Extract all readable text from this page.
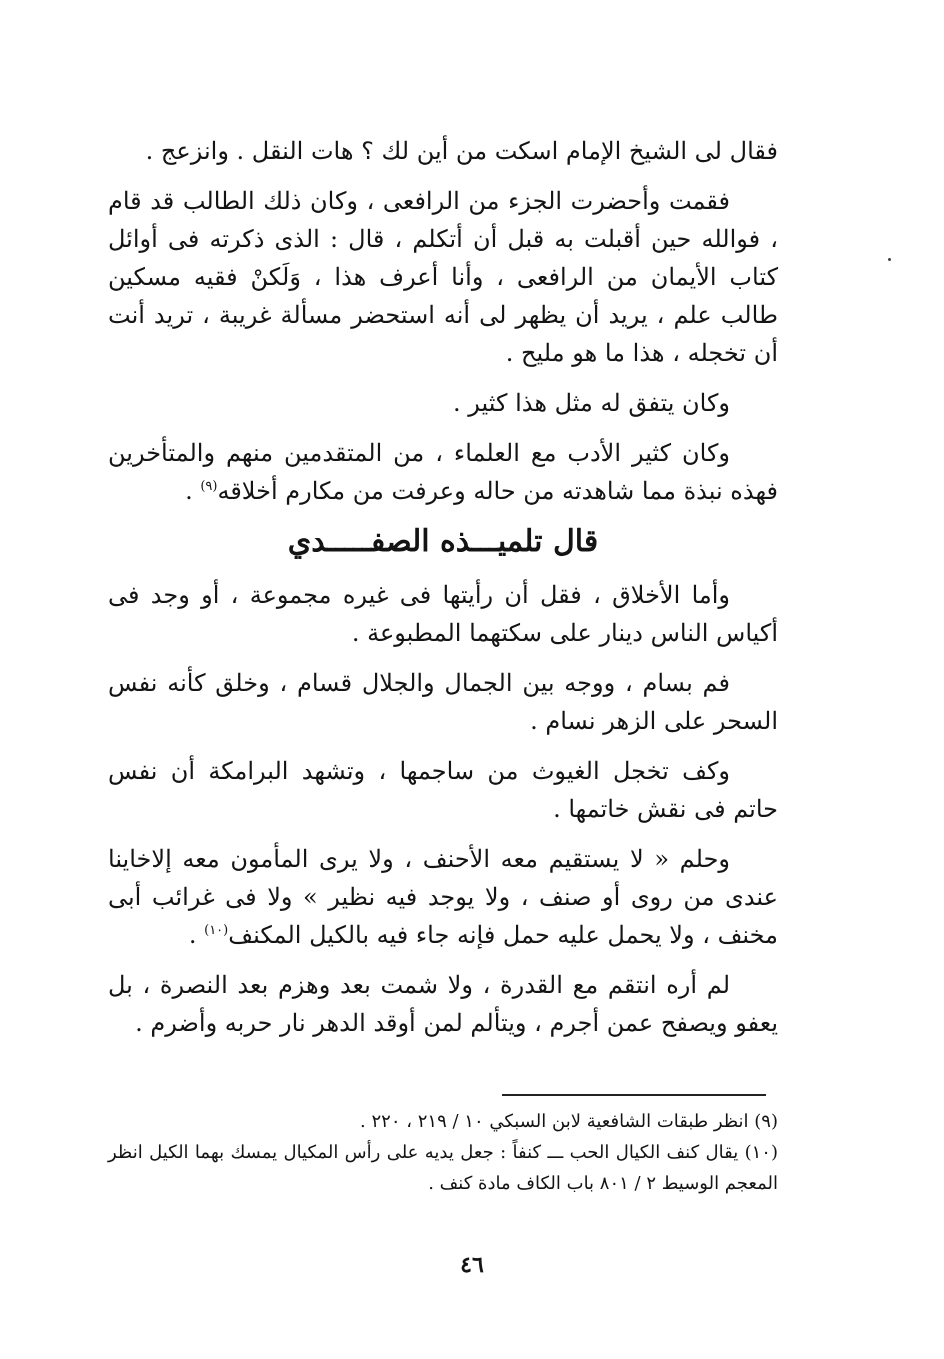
فقال لى الشيخ الإمام اسكت من أين لك ؟ هات النقل . وانزعج .

فقمت وأحضرت الجزء من الرافعى ، وكان ذلك الطالب قد قام ، فوالله حين أقبلت به قبل أن أتكلم ، قال : الذى ذكرته فى أوائل كتاب الأيمان من الرافعى ، وأنا أعرف هذا ، وَلَكنْ فقيه مسكين طالب علم ، يريد أن يظهر لى أنه استحضر مسألة غريبة ، تريد أنت أن تخجله ، هذا ما هو مليح .

وكان يتفق له مثل هذا كثير .

وكان كثير الأدب مع العلماء ، من المتقدمين منهم والمتأخرين فهذه نبذة مما شاهدته من حاله وعرفت من مكارم أخلاقه$^{(٩)}$ .

قال تلميـــذه الصفـــــدي

وأما الأخلاق ، فقل أن رأيتها فى غيره مجموعة ، أو وجد فى أكياس الناس دينار على سكتهما المطبوعة .

فم بسام ، ووجه بين الجمال والجلال قسام ، وخلق كأنه نفس السحر على الزهر نسام .

وكف تخجل الغيوث من ساجمها ، وتشهد البرامكة أن نفس حاتم فى نقش خاتمها .

وحلم « لا يستقيم معه الأحنف ، ولا يرى المأمون معه إلاخاينا عندى من روى أو صنف ، ولا يوجد فيه نظير » ولا فى غرائب أبى مخنف ، ولا يحمل عليه حمل فإنه جاء فيه بالكيل المكنف$^{(١٠)}$ .

لم أره انتقم مع القدرة ، ولا شمت بعد وهزم بعد النصرة ، بل يعفو ويصفح عمن أجرم ، ويتألم لمن أوقد الدهر نار حربه وأضرم .

(٩) انظر طبقات الشافعية لابن السبكي ١٠ / ٢١٩ ، ٢٢٠ .

(١٠) يقال كنف الكيال الحب ـــ كنفاً : جعل يديه على رأس المكيال يمسك بهما الكيل انظر المعجم الوسيط ٢ / ٨٠١ باب الكاف مادة كنف .

٤٦
